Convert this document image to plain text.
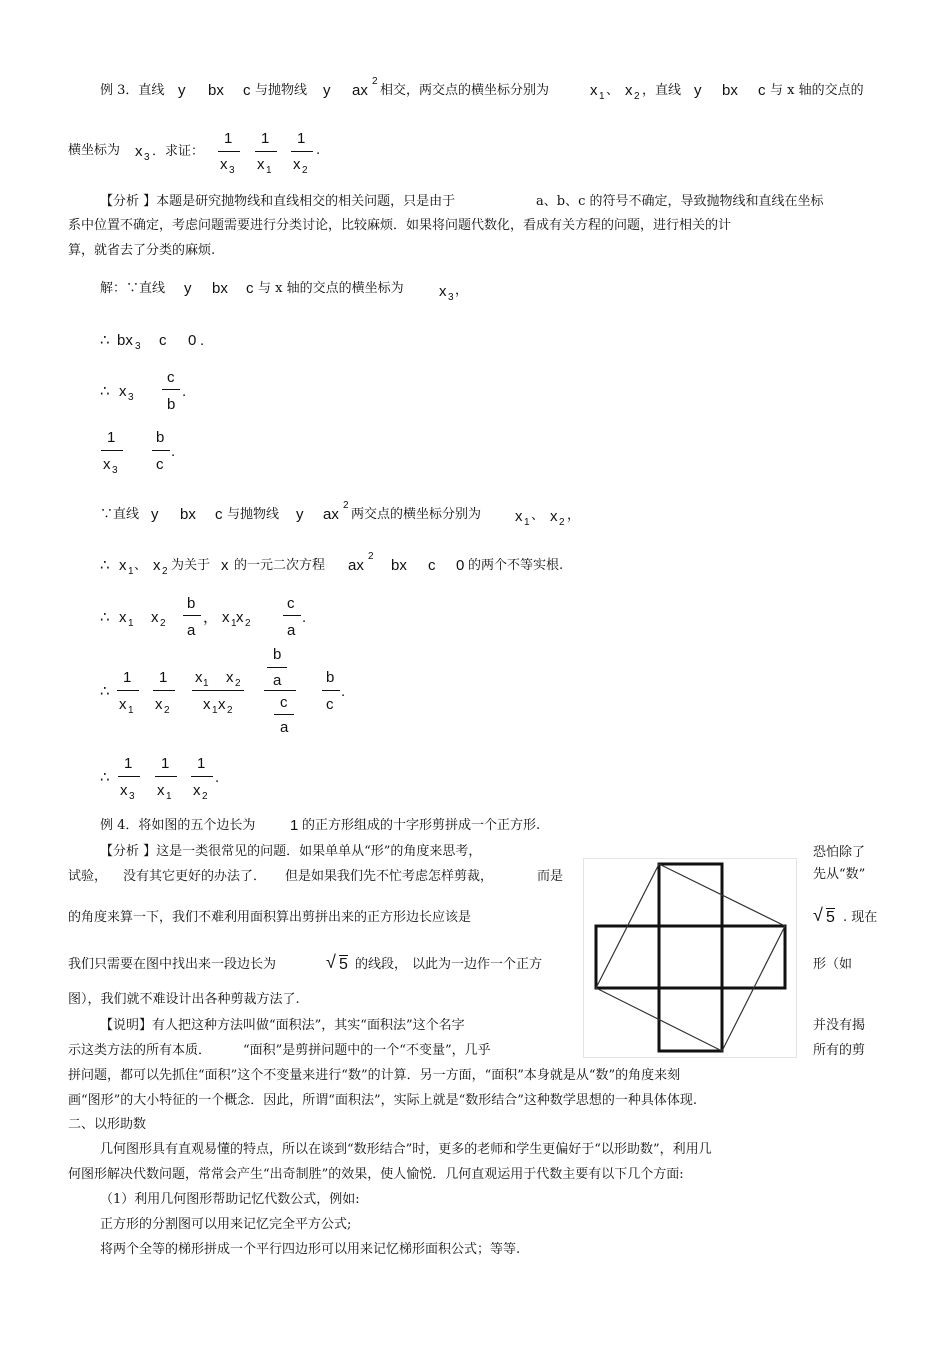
例 3．直线 y bx c 与抛物线 y ax
2
相交，两交点的横坐标分别为	x 1 、 x 2 ，直线 y bx c 与 x 轴的交点的
横坐标为 x 3 ．求证：
1
x 3
1
x 1
1
x 2
.
【分析 】本题是研究抛物线和直线相交的相关问题，只是由于	a、b、c 的符号不确定，导致抛物线和直线在坐标
系中位置不确定，考虑问题需要进行分类讨论，比较麻烦．如果将问题代数化，看成有关方程的问题，进行相关的计
算，就省去了分类的麻烦.
解：∵直线 y bx c 与 x 轴的交点的横坐标为 x 3 ，
∴ bx 3 c 0 .
∴ x 3
c
b
.
1
x 3
b
c
.
∵直线 y bx c 与抛物线 y ax
2
两交点的横坐标分别为 x 1 、 x 2 ，
∴ x 1 、 x 2 为关于 x 的一元二次方程 ax
2
bx c 0 的两个不等实根.
∴ x 1 x 2
b
a
， x 1 x 2
c
a
.
∴
1
x 1
1
x 2
x 1 x 2
x 1 x 2
b
a
c
a
b
c
.
∴
1
x 3
1
x 1
1
x 2
.
例 4．将如图的五个边长为 1 的正方形组成的十字形剪拼成一个正方形.
【分析 】这是一类很常见的问题．如果单单从“形”的角度来思考，	恐怕除了
试验， 没有其它更好的办法了． 但是如果我们先不忙考虑怎样剪裁，	而是	先从“数”
的角度来算一下，我们不难利用面积算出剪拼出来的正方形边长应该是	√ 5 . 现在
我们只需要在图中找出来一段边长为	√ 5 的线段， 以此为一边作一个正方	形（如
图），我们就不难设计出各种剪裁方法了.
【说明】有人把这种方法叫做“面积法”，其实“面积法”这个名字	并没有揭
示这类方法的所有本质． “面积”是剪拼问题中的一个“不变量”，几乎	所有的剪
拼问题，都可以先抓住“面积”这个不变量来进行“数”的计算．另一方面，“面积”本身就是从“数”的角度来刻
画“图形”的大小特征的一个概念．因此，所谓“面积法”，实际上就是“数形结合”这种数学思想的一种具体体现.
二、以形助数
几何图形具有直观易懂的特点，所以在谈到“数形结合”时，更多的老师和学生更偏好于“以形助数”，利用几
何图形解决代数问题，常常会产生“出奇制胜”的效果，使人愉悦．几何直观运用于代数主要有以下几个方面:
（1）利用几何图形帮助记忆代数公式，例如:
正方形的分割图可以用来记忆完全平方公式;
将两个全等的梯形拼成一个平行四边形可以用来记忆梯形面积公式；等等.
